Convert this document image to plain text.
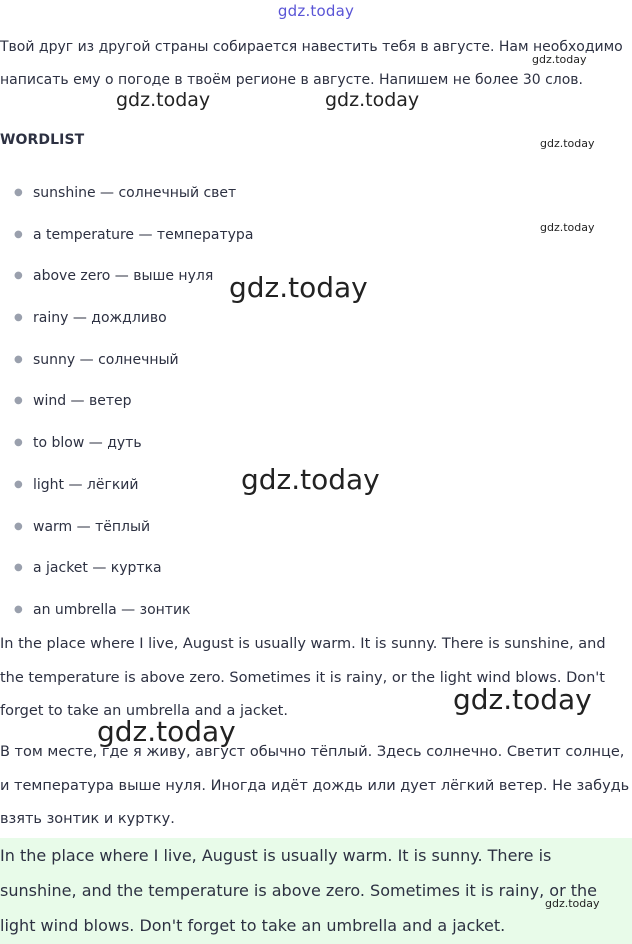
gdz.today

Твой друг из другой страны собирается навестить тебя в августе. Нам необходимо написать ему о погоде в твоём регионе в августе. Напишем не более 30 слов.

WORDLIST
● sunshine — солнечный свет
● a temperature — температура
● above zero — выше нуля
● rainy — дождливо
● sunny — солнечный
● wind — ветер
● to blow — дуть
● light — лёгкий
● warm — тёплый
● a jacket — куртка
● an umbrella — зонтик

In the place where I live, August is usually warm. It is sunny. There is sunshine, and the temperature is above zero. Sometimes it is rainy, or the light wind blows. Don't forget to take an umbrella and a jacket.

В том месте, где я живу, август обычно тёплый. Здесь солнечно. Светит солнце, и температура выше нуля. Иногда идёт дождь или дует лёгкий ветер. Не забудь взять зонтик и куртку.

In the place where I live, August is usually warm. It is sunny. There is sunshine, and the temperature is above zero. Sometimes it is rainy, or the light wind blows. Don't forget to take an umbrella and a jacket.

gdz.today
gdz.today	gdz.today
gdz.today
gdz.today
gdz.today
gdz.today
gdz.today
gdz.today
gdz.today
